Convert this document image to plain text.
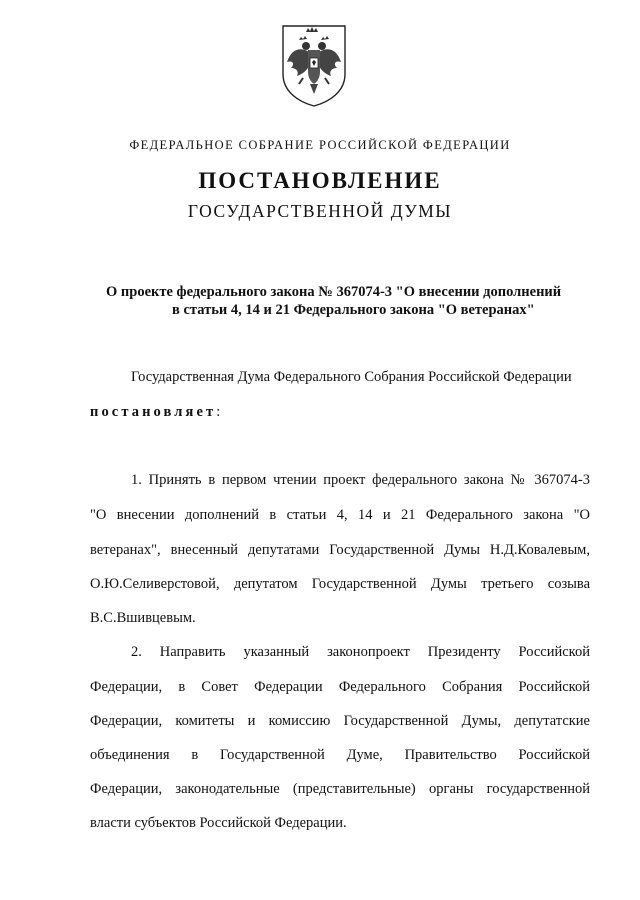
ФЕДЕРАЛЬНОЕ СОБРАНИЕ РОССИЙСКОЙ ФЕДЕРАЦИИ
ПОСТАНОВЛЕНИЕ
ГОСУДАРСТВЕННОЙ ДУМЫ
О проекте федерального закона № 367074-3 "О внесении дополнений
в статьи 4, 14 и 21 Федерального закона "О ветеранах"
Государственная Дума Федерального Собрания Российской Федерации
постановляет:
1. Принять в первом чтении проект федерального закона № 367074-3
"О внесении дополнений в статьи 4, 14 и 21 Федерального закона "О
ветеранах", внесенный депутатами Государственной Думы Н.Д.Ковалевым,
О.Ю.Селиверстовой, депутатом Государственной Думы третьего созыва
В.С.Вшивцевым.
2. Направить указанный законопроект Президенту Российской
Федерации, в Совет Федерации Федерального Собрания Российской
Федерации, комитеты и комиссию Государственной Думы, депутатские
объединения в Государственной Думе, Правительство Российской
Федерации, законодательные (представительные) органы государственной
власти субъектов Российской Федерации.
